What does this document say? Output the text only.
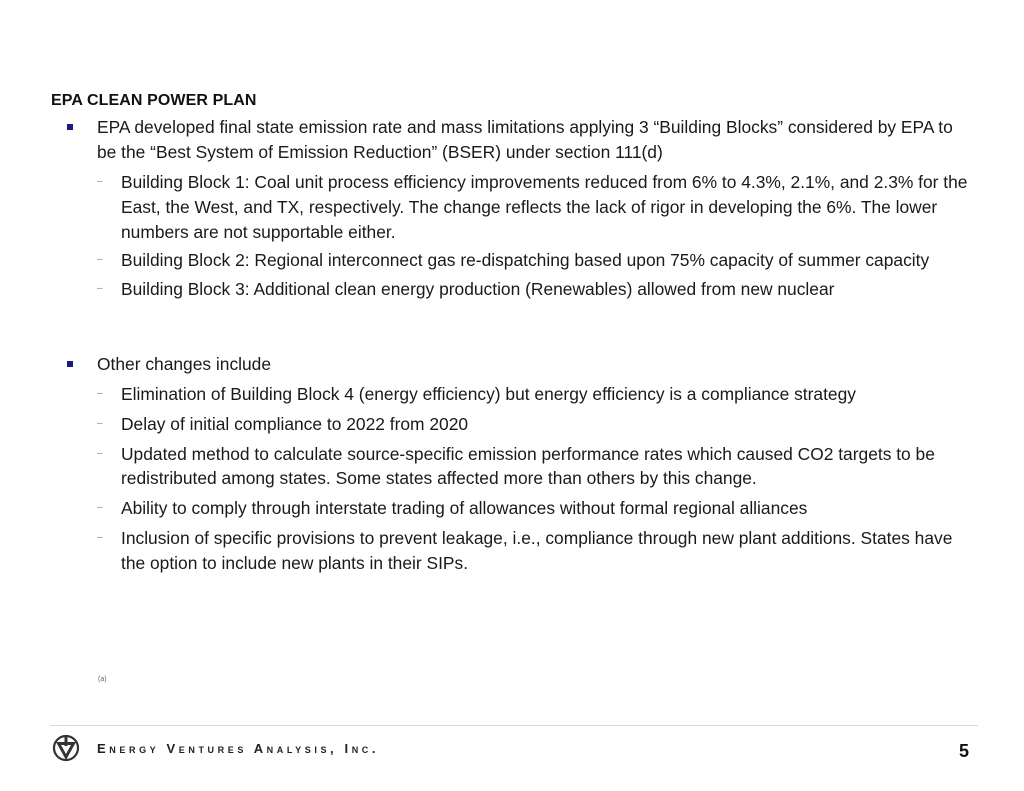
EPA CLEAN POWER PLAN
EPA developed final state emission rate and mass limitations applying 3 “Building Blocks” considered by EPA to be the “Best System of Emission Reduction” (BSER) under section 111(d)
– Building Block 1: Coal unit process efficiency improvements reduced from 6% to 4.3%, 2.1%, and 2.3% for the East, the West, and TX, respectively. The change reflects the lack of rigor in developing the 6%. The lower numbers are not supportable either.
– Building Block 2: Regional interconnect gas re-dispatching based upon 75% capacity of summer capacity
– Building Block 3: Additional clean energy production (Renewables) allowed from new nuclear
Other changes include
– Elimination of Building Block 4 (energy efficiency) but energy efficiency is a compliance strategy
– Delay of initial compliance to 2022 from 2020
– Updated method to calculate source-specific emission performance rates which caused CO2 targets to be redistributed among states. Some states affected more than others by this change.
– Ability to comply through interstate trading of allowances without formal regional alliances
– Inclusion of specific provisions to prevent leakage, i.e., compliance through new plant additions. States have the option to include new plants in their SIPs.
(a)
Energy Ventures Analysis, Inc.	5
